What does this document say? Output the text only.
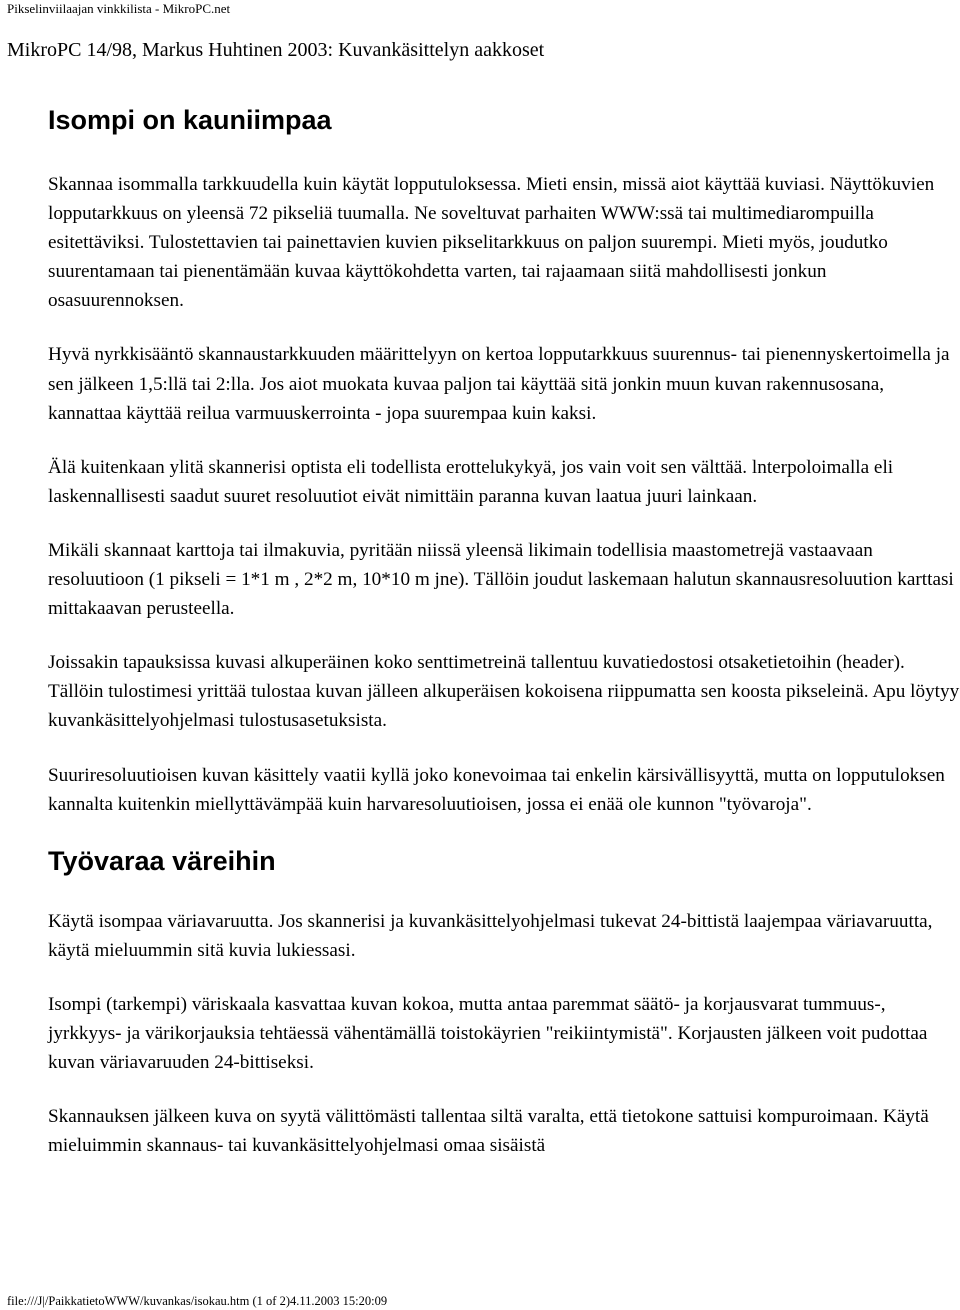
Pikselinviilaajan vinkkilista - MikroPC.net
MikroPC 14/98, Markus Huhtinen 2003: Kuvankäsittelyn aakkoset
Isompi on kauniimpaa

Skannaa isommalla tarkkuudella kuin käytät lopputuloksessa. Mieti ensin, missä aiot käyttää kuviasi. Näyttökuvien lopputarkkuus on yleensä 72 pikseliä tuumalla. Ne soveltuvat parhaiten WWW:ssä tai multimediarompuilla esitettäviksi. Tulostettavien tai painettavien kuvien pikselitarkkuus on paljon suurempi. Mieti myös, joudutko suurentamaan tai pienentämään kuvaa käyttökohdetta varten, tai rajaamaan siitä mahdollisesti jonkun osasuurennoksen.

Hyvä nyrkkisääntö skannaustarkkuuden määrittelyyn on kertoa lopputarkkuus suurennus- tai pienennyskertoimella ja sen jälkeen 1,5:llä tai 2:lla. Jos aiot muokata kuvaa paljon tai käyttää sitä jonkin muun kuvan rakennusosana, kannattaa käyttää reilua varmuuskerrointa - jopa suurempaa kuin kaksi.

Älä kuitenkaan ylitä skannerisi optista eli todellista erottelukykyä, jos vain voit sen välttää. lnterpoloimalla eli laskennallisesti saadut suuret resoluutiot eivät nimittäin paranna kuvan laatua juuri lainkaan.

Mikäli skannaat karttoja tai ilmakuvia, pyritään niissä yleensä likimain todellisia maastometrejä vastaavaan resoluutioon (1 pikseli = 1*1 m , 2*2 m, 10*10 m jne). Tällöin joudut laskemaan halutun skannausresoluution karttasi mittakaavan perusteella.

Joissakin tapauksissa kuvasi alkuperäinen koko senttimetreinä tallentuu kuvatiedostosi otsaketietoihin (header). Tällöin tulostimesi yrittää tulostaa kuvan jälleen alkuperäisen kokoisena riippumatta sen koosta pikseleinä. Apu löytyy kuvankäsittelyohjelmasi tulostusasetuksista.

Suuriresoluutioisen kuvan käsittely vaatii kyllä joko konevoimaa tai enkelin kärsivällisyyttä, mutta on lopputuloksen kannalta kuitenkin miellyttävämpää kuin harvaresoluutioisen, jossa ei enää ole kunnon "työvaroja".

Työvaraa väreihin

Käytä isompaa väriavaruutta. Jos skannerisi ja kuvankäsittelyohjelmasi tukevat 24-bittistä laajempaa väriavaruutta, käytä mieluummin sitä kuvia lukiessasi.

Isompi (tarkempi) väriskaala kasvattaa kuvan kokoa, mutta antaa paremmat säätö- ja korjausvarat tummuus-, jyrkkyys- ja värikorjauksia tehtäessä vähentämällä toistokäyrien "reikiintymistä". Korjausten jälkeen voit pudottaa kuvan väriavaruuden 24-bittiseksi.

Skannauksen jälkeen kuva on syytä välittömästi tallentaa siltä varalta, että tietokone sattuisi kompuroimaan. Käytä mieluimmin skannaus- tai kuvankäsittelyohjelmasi omaa sisäistä

file:///J|/PaikkatietoWWW/kuvankas/isokau.htm (1 of 2)4.11.2003 15:20:09
